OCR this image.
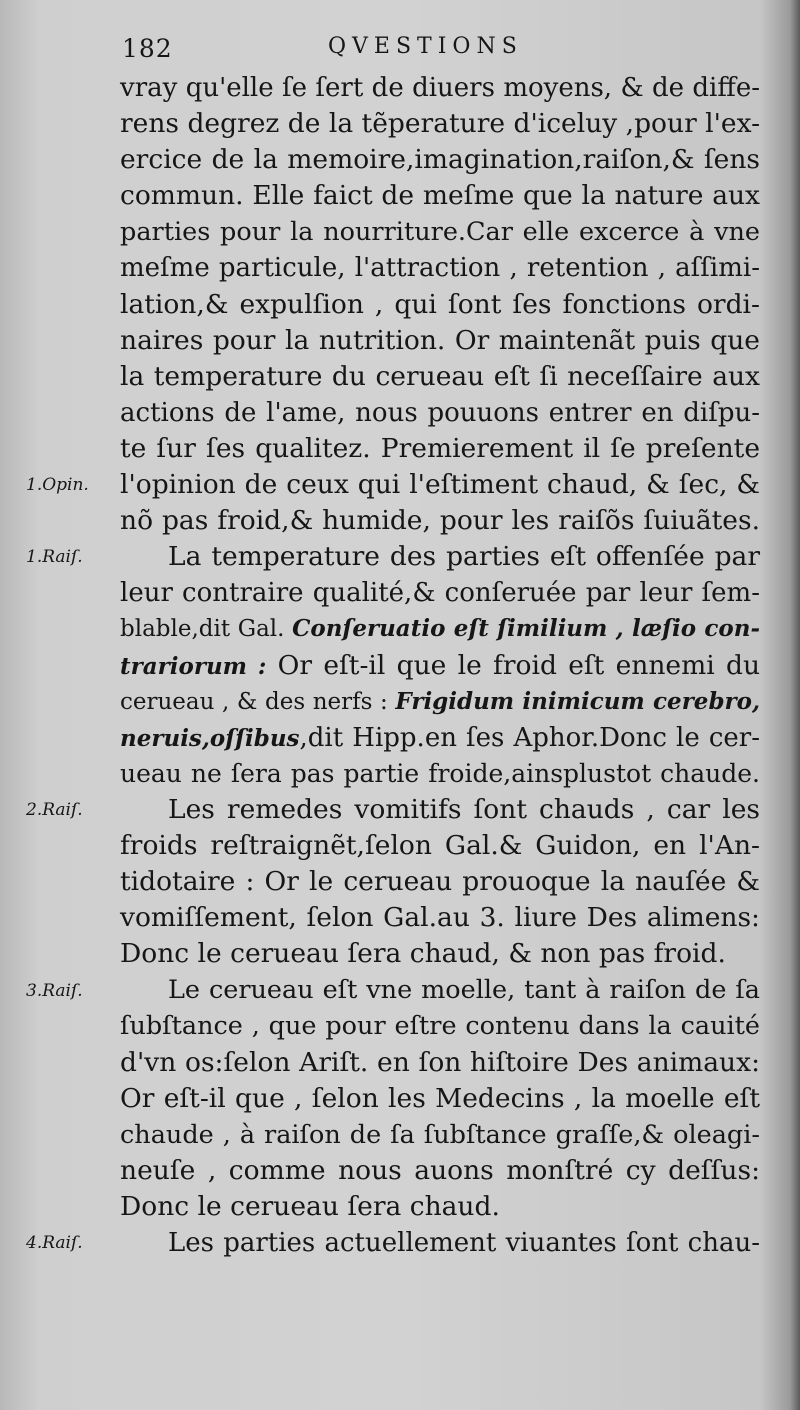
182	QVESTIONS
vray qu'elle ſe ſert de diuers moyens, & de diffe-
rens degrez de la tẽperature d'iceluy ,pour l'ex-
ercice de la memoire,imagination,raiſon,& ſens
commun. Elle faict de meſme que la nature aux
parties pour la nourriture.Car elle excerce à vne
meſme particule, l'attraction , retention , aſſimi-
lation,& expulſion , qui ſont ſes fonctions ordi-
naires pour la nutrition. Or maintenãt puis que
la temperature du cerueau eſt ſi neceſſaire aux
actions de l'ame, nous pouuons entrer en diſpu-
te ſur ſes qualitez. Premierement il ſe preſente
l'opinion de ceux qui l'eſtiment chaud, & ſec, &
nõ pas froid,& humide, pour les raiſõs ſuiuãtes.
La temperature des parties eſt offenſée par
leur contraire qualité,& conſeruée par leur ſem-
blable,dit Gal. Conſeruatio eſt ſimilium , læſio con-
trariorum : Or eſt-il que le froid eſt ennemi du
cerueau , & des nerfs : Frigidum inimicum cerebro,
neruis,oſſibus,dit Hipp.en ſes Aphor.Donc le cer-
ueau ne ſera pas partie froide,ainsplustot chaude.
Les remedes vomitifs ſont chauds , car les
froids reſtraignẽt,ſelon Gal.& Guidon, en l'An-
tidotaire : Or le cerueau prouoque la nauſée &
vomiſſement, ſelon Gal.au 3. liure Des alimens:
Donc le cerueau ſera chaud, & non pas froid.
Le cerueau eſt vne moelle, tant à raiſon de ſa
ſubſtance , que pour eſtre contenu dans la cauité
d'vn os:ſelon Ariſt. en ſon hiſtoire Des animaux:
Or eſt-il que , ſelon les Medecins , la moelle eſt
chaude , à raiſon de ſa ſubſtance graſſe,& oleagi-
neuſe , comme nous auons monſtré cy deſſus:
Donc le cerueau ſera chaud.
Les parties actuellement viuantes ſont chau-
1.Opin.
1.Raiſ.
2.Raiſ.
3.Raiſ.
4.Raiſ.
